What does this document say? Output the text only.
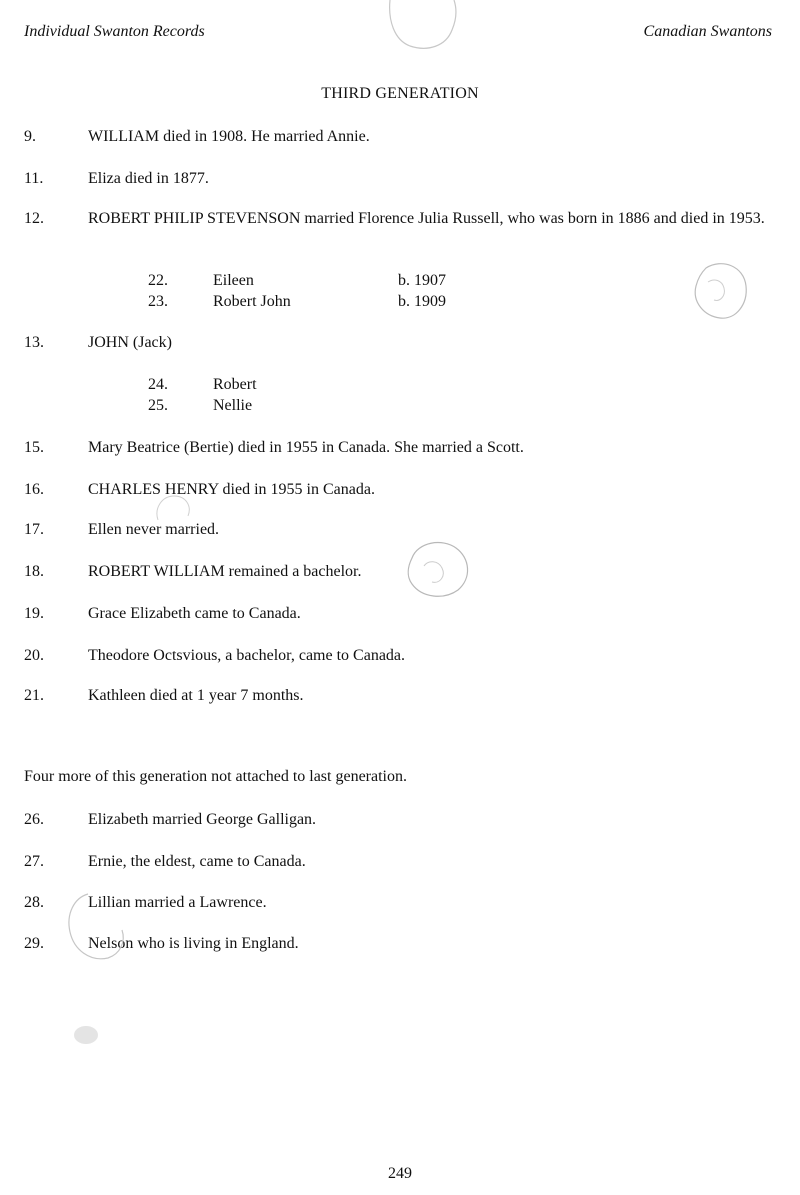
Individual Swanton Records	Canadian Swantons
THIRD GENERATION
9.	WILLIAM died in 1908. He married Annie.
11.	Eliza died in 1877.
12.	ROBERT PHILIP STEVENSON married Florence Julia Russell, who was born in 1886 and died in 1953.
22.	Eileen	b. 1907
23.	Robert John	b. 1909
13.	JOHN (Jack)
24.	Robert
25.	Nellie
15.	Mary Beatrice (Bertie) died in 1955 in Canada. She married a Scott.
16.	CHARLES HENRY died in 1955 in Canada.
17.	Ellen never married.
18.	ROBERT WILLIAM remained a bachelor.
19.	Grace Elizabeth came to Canada.
20.	Theodore Octsvious, a bachelor, came to Canada.
21.	Kathleen died at 1 year 7 months.
Four more of this generation not attached to last generation.
26.	Elizabeth married George Galligan.
27.	Ernie, the eldest, came to Canada.
28.	Lillian married a Lawrence.
29.	Nelson who is living in England.
249
